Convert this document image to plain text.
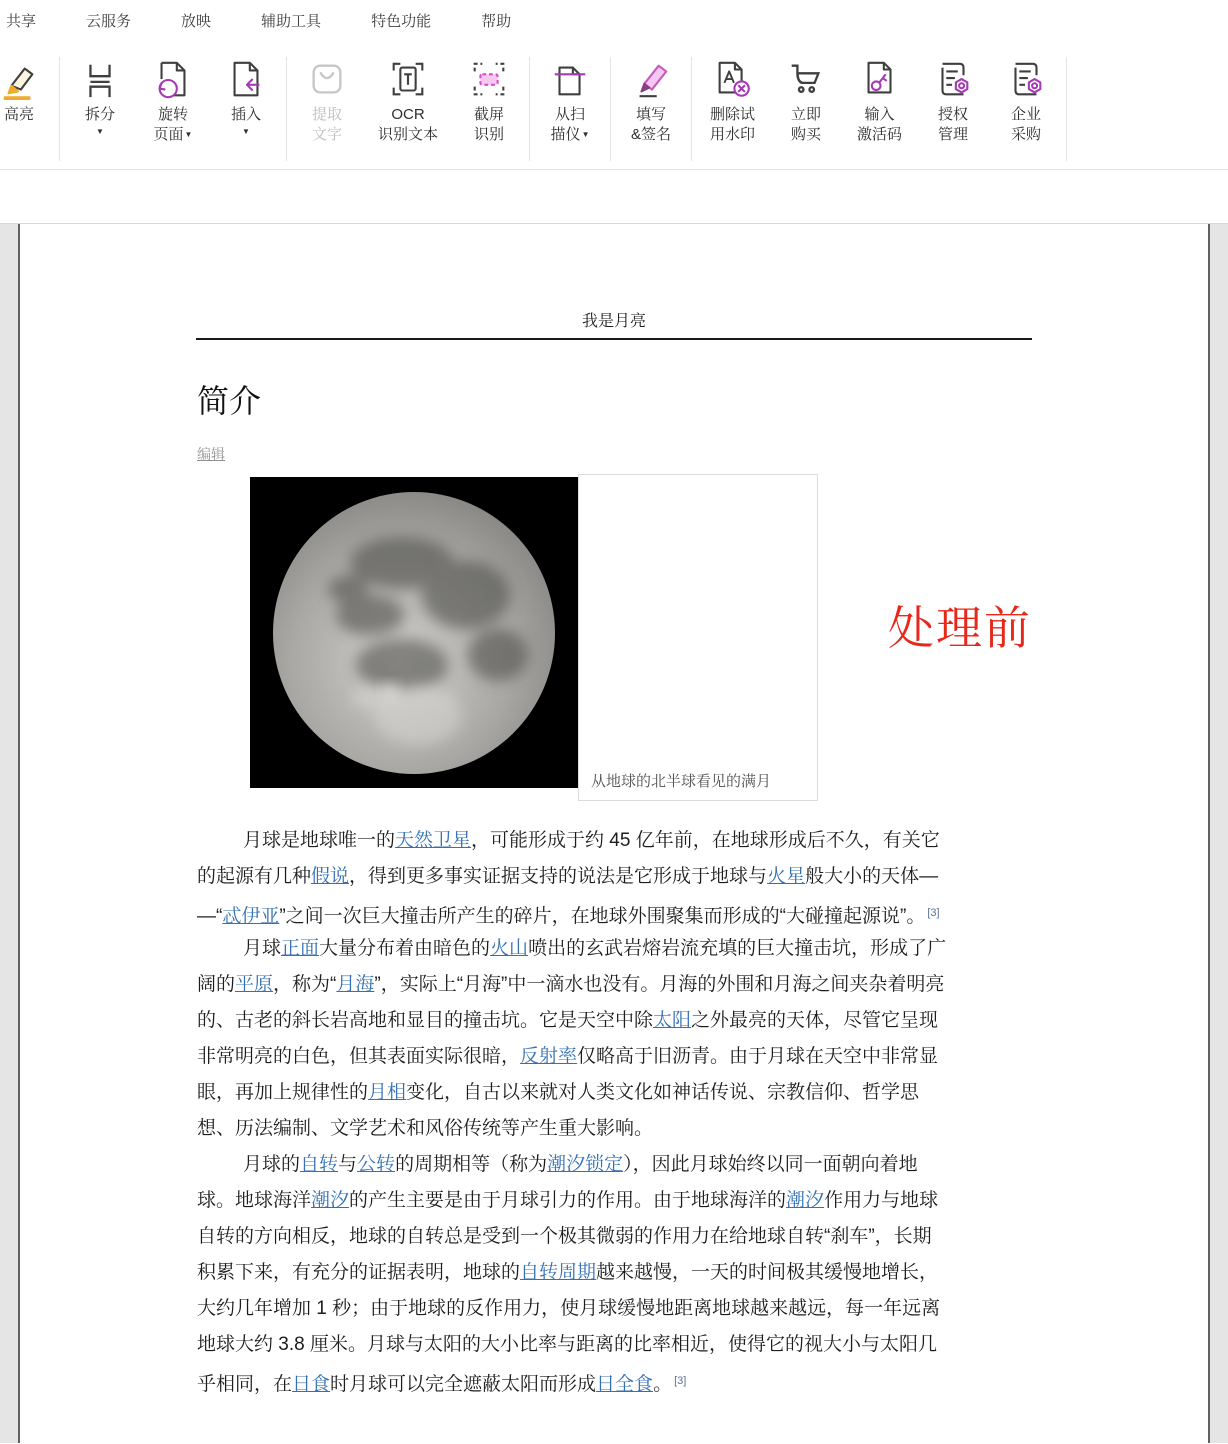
共享	云服务	放映	辅助工具	特色功能	帮助
高亮	拆分
▼
旋转
页面▼
插入
▼
提取
文字
OCR
识别文本
截屏
识别
从扫
描仪▼
填写
&签名
删除试
用水印
立即
购买
输入
激活码
授权
管理
企业
采购
我是月亮
简介
编辑
从地球的北半球看见的满月
处理前
月球是地球唯一的天然卫星，可能形成于约 45 亿年前，在地球形成后不久，有关它
的起源有几种假说，得到更多事实证据支持的说法是它形成于地球与火星般大小的天体—
—“忒伊亚”之间一次巨大撞击所产生的碎片，在地球外围聚集而形成的“大碰撞起源说”。 [3]
月球正面大量分布着由暗色的火山喷出的玄武岩熔岩流充填的巨大撞击坑，形成了广
阔的平原，称为“月海”，实际上“月海”中一滴水也没有。月海的外围和月海之间夹杂着明亮
的、古老的斜长岩高地和显目的撞击坑。它是天空中除太阳之外最亮的天体，尽管它呈现
非常明亮的白色，但其表面实际很暗，反射率仅略高于旧沥青。由于月球在天空中非常显
眼，再加上规律性的月相变化，自古以来就对人类文化如神话传说、宗教信仰、哲学思
想、历法编制、文学艺术和风俗传统等产生重大影响。
月球的自转与公转的周期相等（称为潮汐锁定），因此月球始终以同一面朝向着地
球。地球海洋潮汐的产生主要是由于月球引力的作用。由于地球海洋的潮汐作用力与地球
自转的方向相反，地球的自转总是受到一个极其微弱的作用力在给地球自转“刹车”，长期
积累下来，有充分的证据表明，地球的自转周期越来越慢，一天的时间极其缓慢地增长，
大约几年增加 1 秒；由于地球的反作用力，使月球缓慢地距离地球越来越远，每一年远离
地球大约 3.8 厘米。月球与太阳的大小比率与距离的比率相近，使得它的视大小与太阳几
乎相同，在日食时月球可以完全遮蔽太阳而形成日全食。 [3]
